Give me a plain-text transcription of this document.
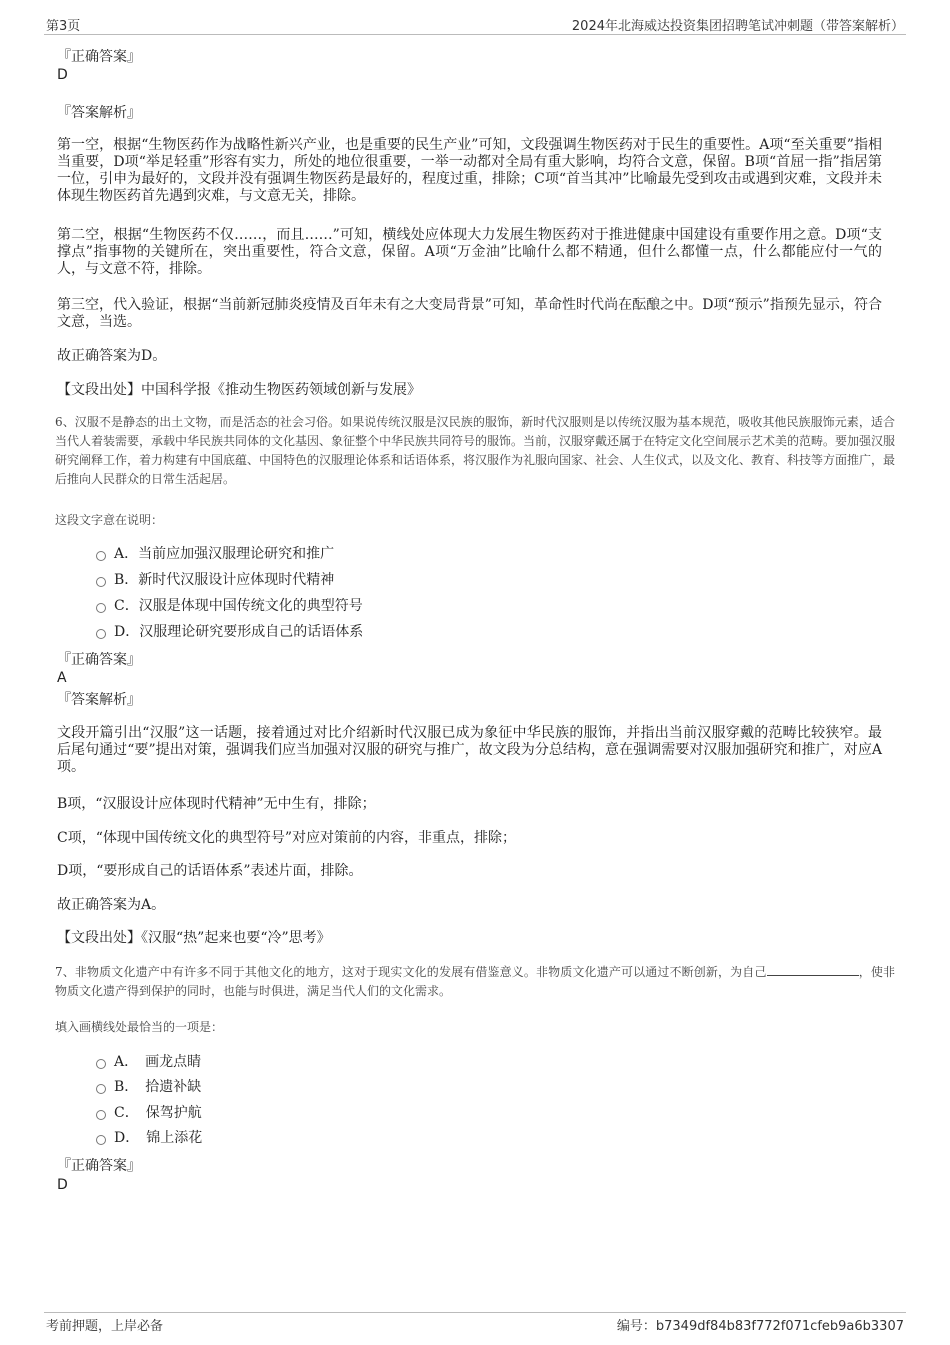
第3页	2024年北海威达投资集团招聘笔试冲刺题（带答案解析）
『正确答案』
D
『答案解析』
第一空，根据“生物医药作为战略性新兴产业，也是重要的民生产业”可知，文段强调生物医药对于民生的重要性。A项“至关重要”指相当重要，D项“举足轻重”形容有实力，所处的地位很重要，一举一动都对全局有重大影响，均符合文意，保留。B项“首屈一指”指居第一位，引申为最好的，文段并没有强调生物医药是最好的，程度过重，排除；C项“首当其冲”比喻最先受到攻击或遇到灾难，文段并未体现生物医药首先遇到灾难，与文意无关，排除。
第二空，根据“生物医药不仅……，而且……”可知，横线处应体现大力发展生物医药对于推进健康中国建设有重要作用之意。D项“支撑点”指事物的关键所在，突出重要性，符合文意，保留。A项“万金油”比喻什么都不精通，但什么都懂一点，什么都能应付一气的人，与文意不符，排除。
第三空，代入验证，根据“当前新冠肺炎疫情及百年未有之大变局背景”可知，革命性时代尚在酝酿之中。D项“预示”指预先显示，符合文意，当选。
故正确答案为D。
【文段出处】中国科学报《推动生物医药领域创新与发展》
6、汉服不是静态的出土文物，而是活态的社会习俗。如果说传统汉服是汉民族的服饰，新时代汉服则是以传统汉服为基本规范，吸收其他民族服饰元素，适合当代人着装需要，承载中华民族共同体的文化基因、象征整个中华民族共同符号的服饰。当前，汉服穿戴还属于在特定文化空间展示艺术美的范畴。要加强汉服研究阐释工作，着力构建有中国底蕴、中国特色的汉服理论体系和话语体系，将汉服作为礼服向国家、社会、人生仪式，以及文化、教育、科技等方面推广，最后推向人民群众的日常生活起居。
这段文字意在说明：
A．当前应加强汉服理论研究和推广
B．新时代汉服设计应体现时代精神
C．汉服是体现中国传统文化的典型符号
D．汉服理论研究要形成自己的话语体系
『正确答案』
A
『答案解析』
文段开篇引出“汉服”这一话题，接着通过对比介绍新时代汉服已成为象征中华民族的服饰，并指出当前汉服穿戴的范畴比较狭窄。最后尾句通过“要”提出对策，强调我们应当加强对汉服的研究与推广，故文段为分总结构，意在强调需要对汉服加强研究和推广，对应A项。
B项，“汉服设计应体现时代精神”无中生有，排除；
C项，“体现中国传统文化的典型符号”对应对策前的内容，非重点，排除；
D项，“要形成自己的话语体系”表述片面，排除。
故正确答案为A。
【文段出处】《汉服“热”起来也要“冷”思考》
7、非物质文化遗产中有许多不同于其他文化的地方，这对于现实文化的发展有借鉴意义。非物质文化遗产可以通过不断创新，为自己	，使非物质文化遗产得到保护的同时，也能与时俱进，满足当代人们的文化需求。
填入画横线处最恰当的一项是：
A．　画龙点睛
B．　拾遗补缺
C．　保驾护航
D．　锦上添花
『正确答案』
D
考前押题，上岸必备	编号：b7349df84b83f772f071cfeb9a6b3307
